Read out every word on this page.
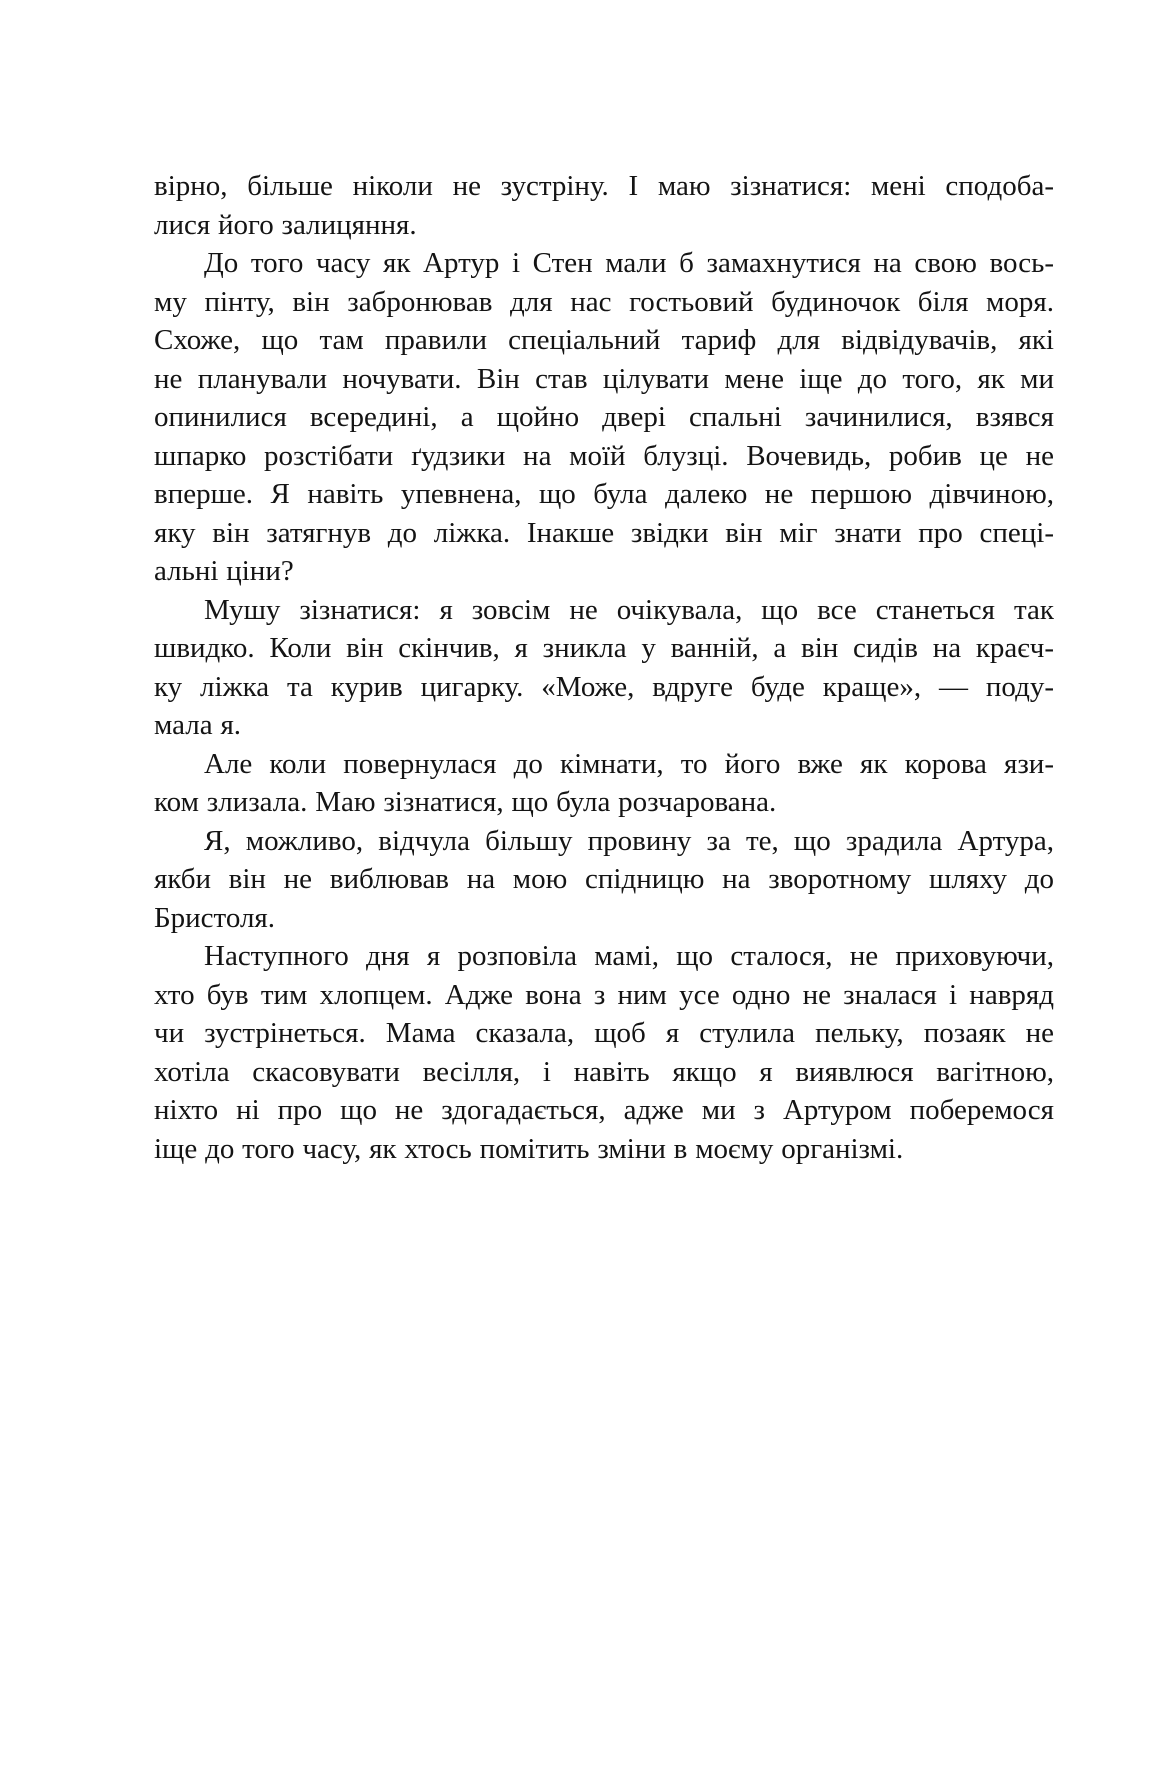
вірно, більше ніколи не зустріну. І маю зізнатися: мені сподоба-
лися його залицяння.
До того часу як Артур і Стен мали б замахнутися на свою вось-
му пінту, він забронював для нас гостьовий будиночок біля моря.
Схоже, що там правили спеціальний тариф для відвідувачів, які
не планували ночувати. Він став цілувати мене іще до того, як ми
опинилися всередині, а щойно двері спальні зачинилися, взявся
шпарко розстібати ґудзики на моїй блузці. Вочевидь, робив це не
вперше. Я навіть упевнена, що була далеко не першою дівчиною,
яку він затягнув до ліжка. Інакше звідки він міг знати про спеці-
альні ціни?
Мушу зізнатися: я зовсім не очікувала, що все станеться так
швидко. Коли він скінчив, я зникла у ванній, а він сидів на краєч-
ку ліжка та курив цигарку. «Може, вдруге буде краще», — поду-
мала я.
Але коли повернулася до кімнати, то його вже як корова язи-
ком злизала. Маю зізнатися, що була розчарована.
Я, можливо, відчула більшу провину за те, що зрадила Артура,
якби він не виблював на мою спідницю на зворотному шляху до
Бристоля.
Наступного дня я розповіла мамі, що сталося, не приховуючи,
хто був тим хлопцем. Адже вона з ним усе одно не зналася і навряд
чи зустрінеться. Мама сказала, щоб я стулила пельку, позаяк не
хотіла скасовувати весілля, і навіть якщо я виявлюся вагітною,
ніхто ні про що не здогадається, адже ми з Артуром поберемося
іще до того часу, як хтось помітить зміни в моєму організмі.
